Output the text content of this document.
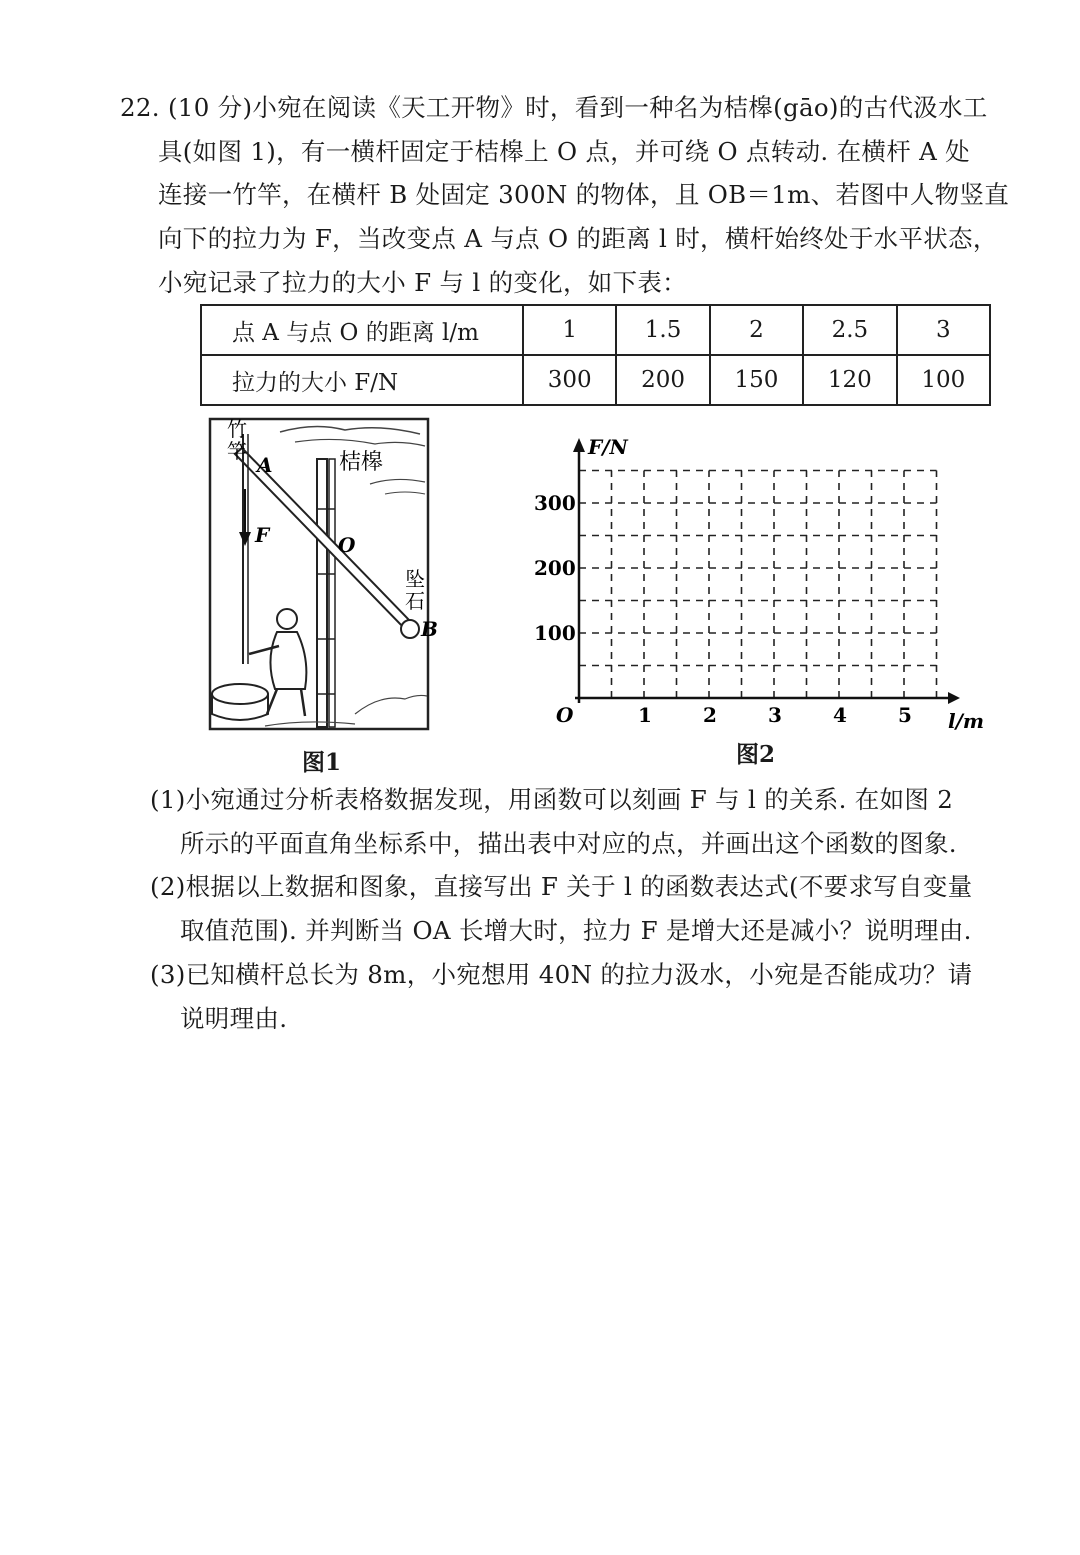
22. (10 分)小宛在阅读《天工开物》时，看到一种名为桔槔(gāo)的古代汲水工
具(如图 1)，有一横杆固定于桔槔上 O 点，并可绕 O 点转动. 在横杆 A 处
连接一竹竿，在横杆 B 处固定 300N 的物体，且 OB＝1m、若图中人物竖直
向下的拉力为 F，当改变点 A 与点 O 的距离 l 时，横杆始终处于水平状态，
小宛记录了拉力的大小 F 与 l 的变化，如下表：
点 A 与点 O 的距离 l/m	1	1.5	2	2.5	3
拉力的大小 F/N	300	200	150	120	100
竹
竿
A	桔槔
F	O
坠
石
B
图1
F/N
l/m
O	1	2	3	4	5
100
200
300
图2
(1)小宛通过分析表格数据发现，用函数可以刻画 F 与 l 的关系. 在如图 2
所示的平面直角坐标系中，描出表中对应的点，并画出这个函数的图象.
(2)根据以上数据和图象，直接写出 F 关于 l 的函数表达式(不要求写自变量
取值范围). 并判断当 OA 长增大时，拉力 F 是增大还是减小？说明理由.
(3)已知横杆总长为 8m，小宛想用 40N 的拉力汲水，小宛是否能成功？请
说明理由.
